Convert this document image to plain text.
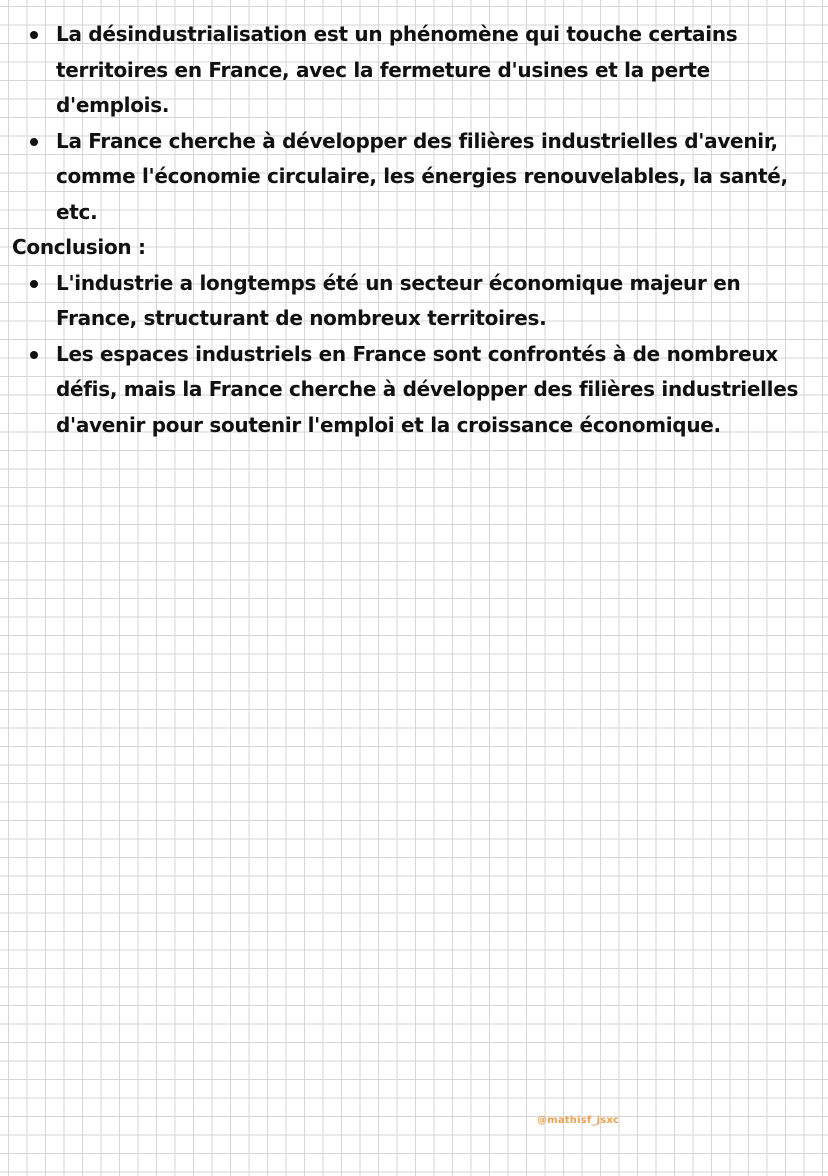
La désindustrialisation est un phénomène qui touche certains territoires en France, avec la fermeture d'usines et la perte d'emplois.
La France cherche à développer des filières industrielles d'avenir, comme l'économie circulaire, les énergies renouvelables, la santé, etc.
Conclusion :
L'industrie a longtemps été un secteur économique majeur en France, structurant de nombreux territoires.
Les espaces industriels en France sont confrontés à de nombreux défis, mais la France cherche à développer des filières industrielles d'avenir pour soutenir l'emploi et la croissance économique.
@mathisf_jsxc
